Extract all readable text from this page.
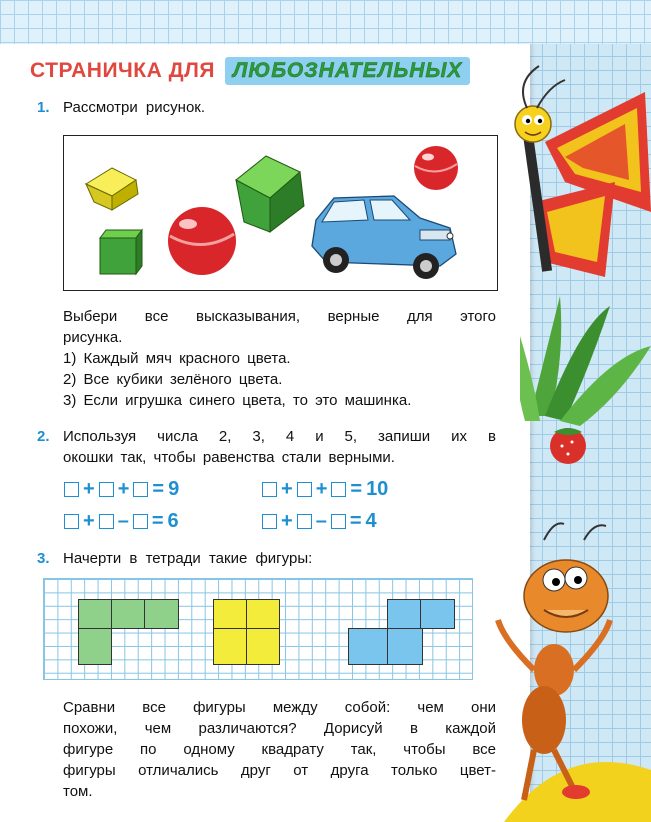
СТРАНИЧКА ДЛЯ ЛЮБОЗНАТЕЛЬНЫХ
1. Рассмотри рисунок.
Выбери все высказывания, верные для этого
рисунка.
1) Каждый мяч красного цвета.
2) Все кубики зелёного цвета.
3) Если игрушка синего цвета, то это машинка.
2. Используя числа 2, 3, 4 и 5, запиши их в
окошки так, чтобы равенства стали верными.
+ + = 9	+ + = 10
+ – = 6	+ – = 4
3. Начерти в тетради такие фигуры:
Сравни все фигуры между собой: чем они
похожи, чем различаются? Дорисуй в каждой
фигуре по одному квадрату так, чтобы все
фигуры отличались друг от друга только цвет-
том.
